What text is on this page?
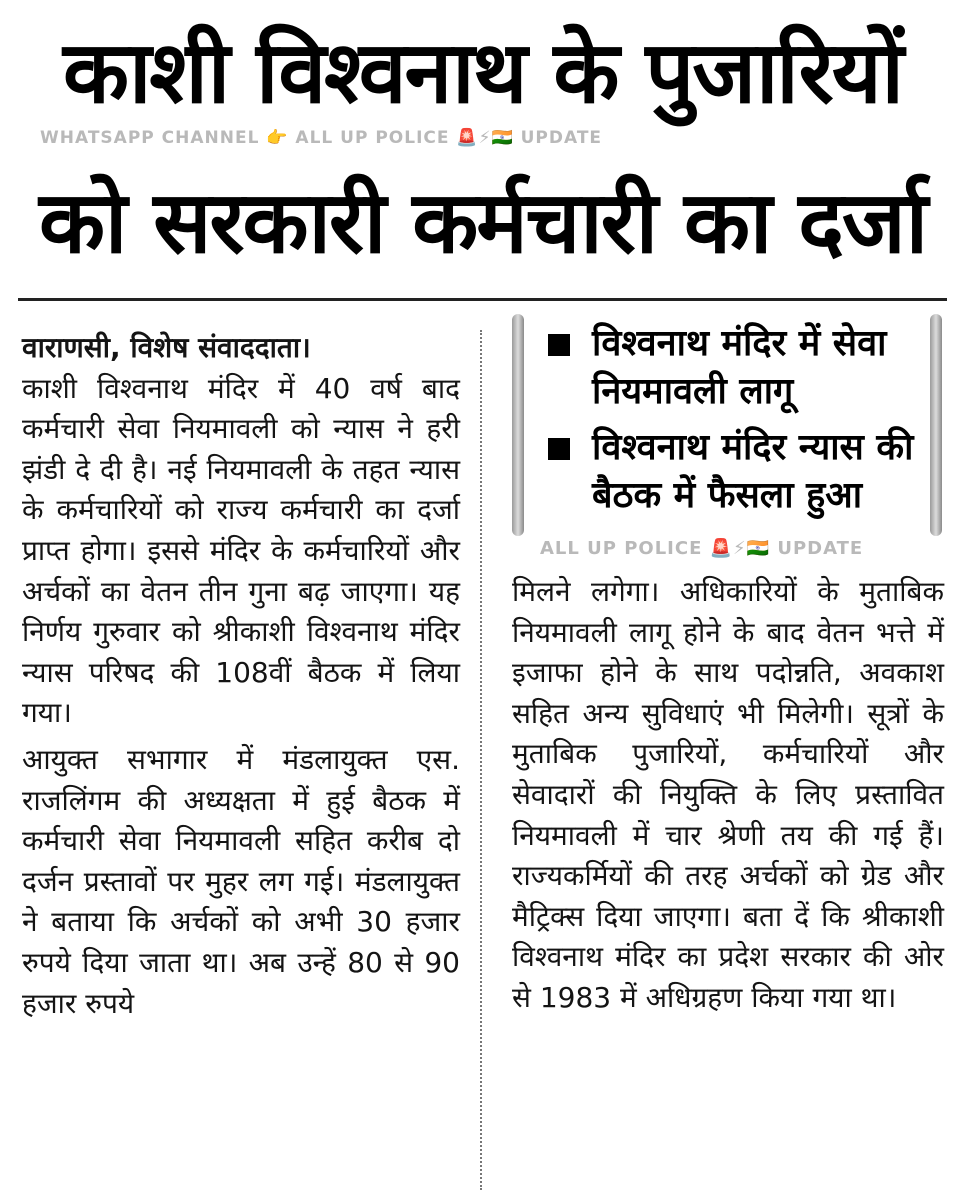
काशी विश्वनाथ के पुजारियों
WHATSAPP CHANNEL 👉 ALL UP POLICE 🚨⚡🇮🇳 UPDATE
को सरकारी कर्मचारी का दर्जा

वाराणसी, विशेष संवाददाता।

काशी विश्वनाथ मंदिर में 40 वर्ष बाद कर्मचारी सेवा नियमावली को न्यास ने हरी झंडी दे दी है। नई नियमावली के तहत न्यास के कर्मचारियों को राज्य कर्मचारी का दर्जा प्राप्त होगा। इससे मंदिर के कर्मचारियों और अर्चकों का वेतन तीन गुना बढ़ जाएगा। यह निर्णय गुरुवार को श्रीकाशी विश्वनाथ मंदिर न्यास परिषद की 108वीं बैठक में लिया गया।

आयुक्त सभागार में मंडलायुक्त एस. राजलिंगम की अध्यक्षता में हुई बैठक में कर्मचारी सेवा नियमावली सहित करीब दो दर्जन प्रस्तावों पर मुहर लग गई। मंडलायुक्त ने बताया कि अर्चकों को अभी 30 हजार रुपये दिया जाता था। अब उन्हें 80 से 90 हजार रुपये

विश्वनाथ मंदिर में सेवा नियमावली लागू
विश्वनाथ मंदिर न्यास की बैठक में फैसला हुआ
ALL UP POLICE 🚨⚡🇮🇳 UPDATE

मिलने लगेगा। अधिकारियों के मुताबिक नियमावली लागू होने के बाद वेतन भत्ते में इजाफा होने के साथ पदोन्नति, अवकाश सहित अन्य सुविधाएं भी मिलेगी। सूत्रों के मुताबिक पुजारियों, कर्मचारियों और सेवादारों की नियुक्ति के लिए प्रस्तावित नियमावली में चार श्रेणी तय की गई हैं। राज्यकर्मियों की तरह अर्चकों को ग्रेड और मैट्रिक्स दिया जाएगा। बता दें कि श्रीकाशी विश्वनाथ मंदिर का प्रदेश सरकार की ओर से 1983 में अधिग्रहण किया गया था।
